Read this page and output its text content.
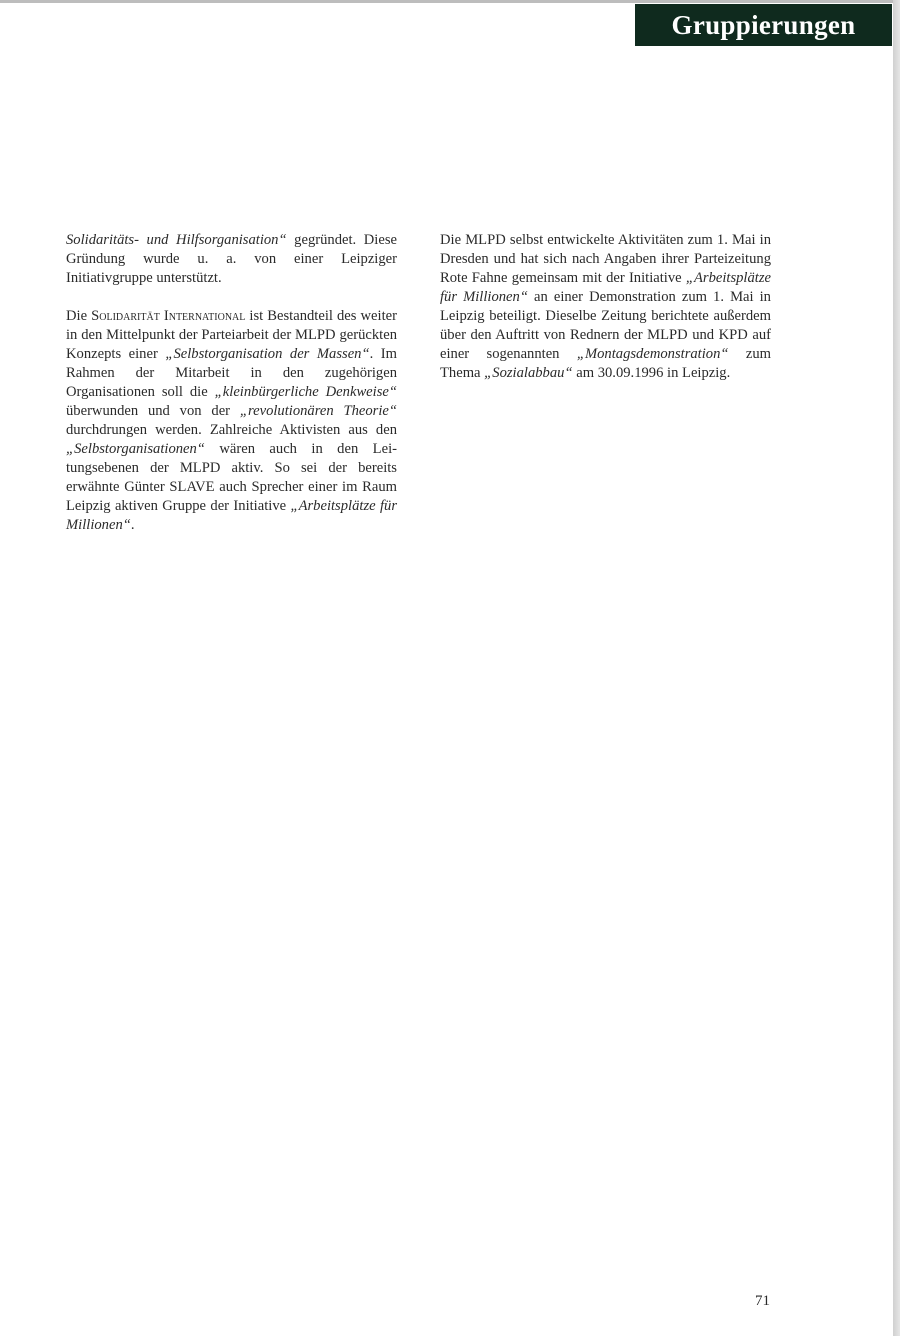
Gruppierungen

Solidaritäts- und Hilfsorganisation“ gegründet. Diese Gründung wurde u. a. von einer Leipziger Initiativgruppe unterstützt.

Die Solidarität International ist Bestandteil des weiter in den Mittelpunkt der Parteiarbeit der MLPD gerückten Konzepts einer „Selbstorganisation der Massen“. Im Rahmen der Mitarbeit in den zugehörigen Organisationen soll die „kleinbürgerliche Denkweise“ überwunden und von der „revolutionären Theorie“ durchdrungen werden. Zahlreiche Aktivisten aus den „Selbstorganisationen“ wären auch in den Leitungsebenen der MLPD aktiv. So sei der bereits erwähnte Günter SLAVE auch Sprecher einer im Raum Leipzig aktiven Gruppe der Initiative „Arbeitsplätze für Millionen“.

Die MLPD selbst entwickelte Aktivitäten zum 1. Mai in Dresden und hat sich nach Angaben ihrer Parteizeitung Rote Fahne gemeinsam mit der Initiative „Arbeitsplätze für Millionen“ an einer Demonstration zum 1. Mai in Leipzig beteiligt. Dieselbe Zeitung berichtete außerdem über den Auftritt von Rednern der MLPD und KPD auf einer sogenannten „Montagsdemonstration“ zum Thema „Sozialabbau“ am 30.09.1996 in Leipzig.

71
